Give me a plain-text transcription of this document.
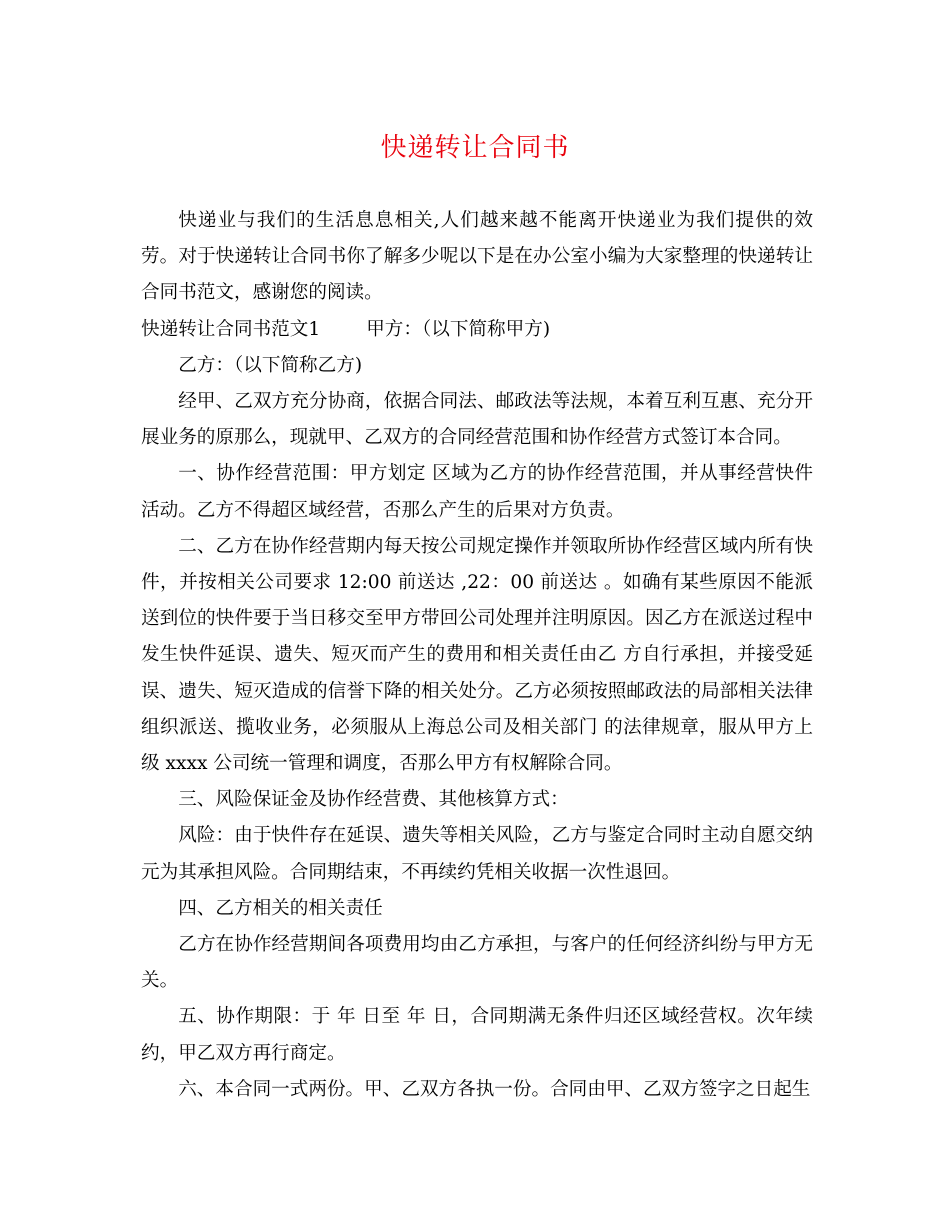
快递转让合同书

快递业与我们的生活息息相关,人们越来越不能离开快递业为我们提供的效劳。对于快递转让合同书你了解多少呢以下是在办公室小编为大家整理的快递转让合同书范文，感谢您的阅读。

快递转让合同书范文1 甲方：（以下简称甲方)

乙方：（以下简称乙方)

经甲、乙双方充分协商，依据合同法、邮政法等法规，本着互利互惠、充分开展业务的原那么，现就甲、乙双方的合同经营范围和协作经营方式签订本合同。

一、协作经营范围：甲方划定 区域为乙方的协作经营范围，并从事经营快件活动。乙方不得超区域经营，否那么产生的后果对方负责。

二、乙方在协作经营期内每天按公司规定操作并领取所协作经营区域内所有快件，并按相关公司要求 12:00 前送达 ,22：00 前送达 。如确有某些原因不能派送到位的快件要于当日移交至甲方带回公司处理并注明原因。因乙方在派送过程中发生快件延误、遗失、短灭而产生的费用和相关责任由乙 方自行承担，并接受延误、遗失、短灭造成的信誉下降的相关处分。乙方必须按照邮政法的局部相关法律组织派送、揽收业务，必须服从上海总公司及相关部门 的法律规章，服从甲方上级 xxxx 公司统一管理和调度，否那么甲方有权解除合同。

三、风险保证金及协作经营费、其他核算方式：

风险：由于快件存在延误、遗失等相关风险，乙方与鉴定合同时主动自愿交纳 元为其承担风险。合同期结束，不再续约凭相关收据一次性退回。

四、乙方相关的相关责任

乙方在协作经营期间各项费用均由乙方承担，与客户的任何经济纠纷与甲方无关。

五、协作期限：于 年 日至 年 日，合同期满无条件归还区域经营权。次年续约，甲乙双方再行商定。

六、本合同一式两份。甲、乙双方各执一份。合同由甲、乙双方签字之日起生
